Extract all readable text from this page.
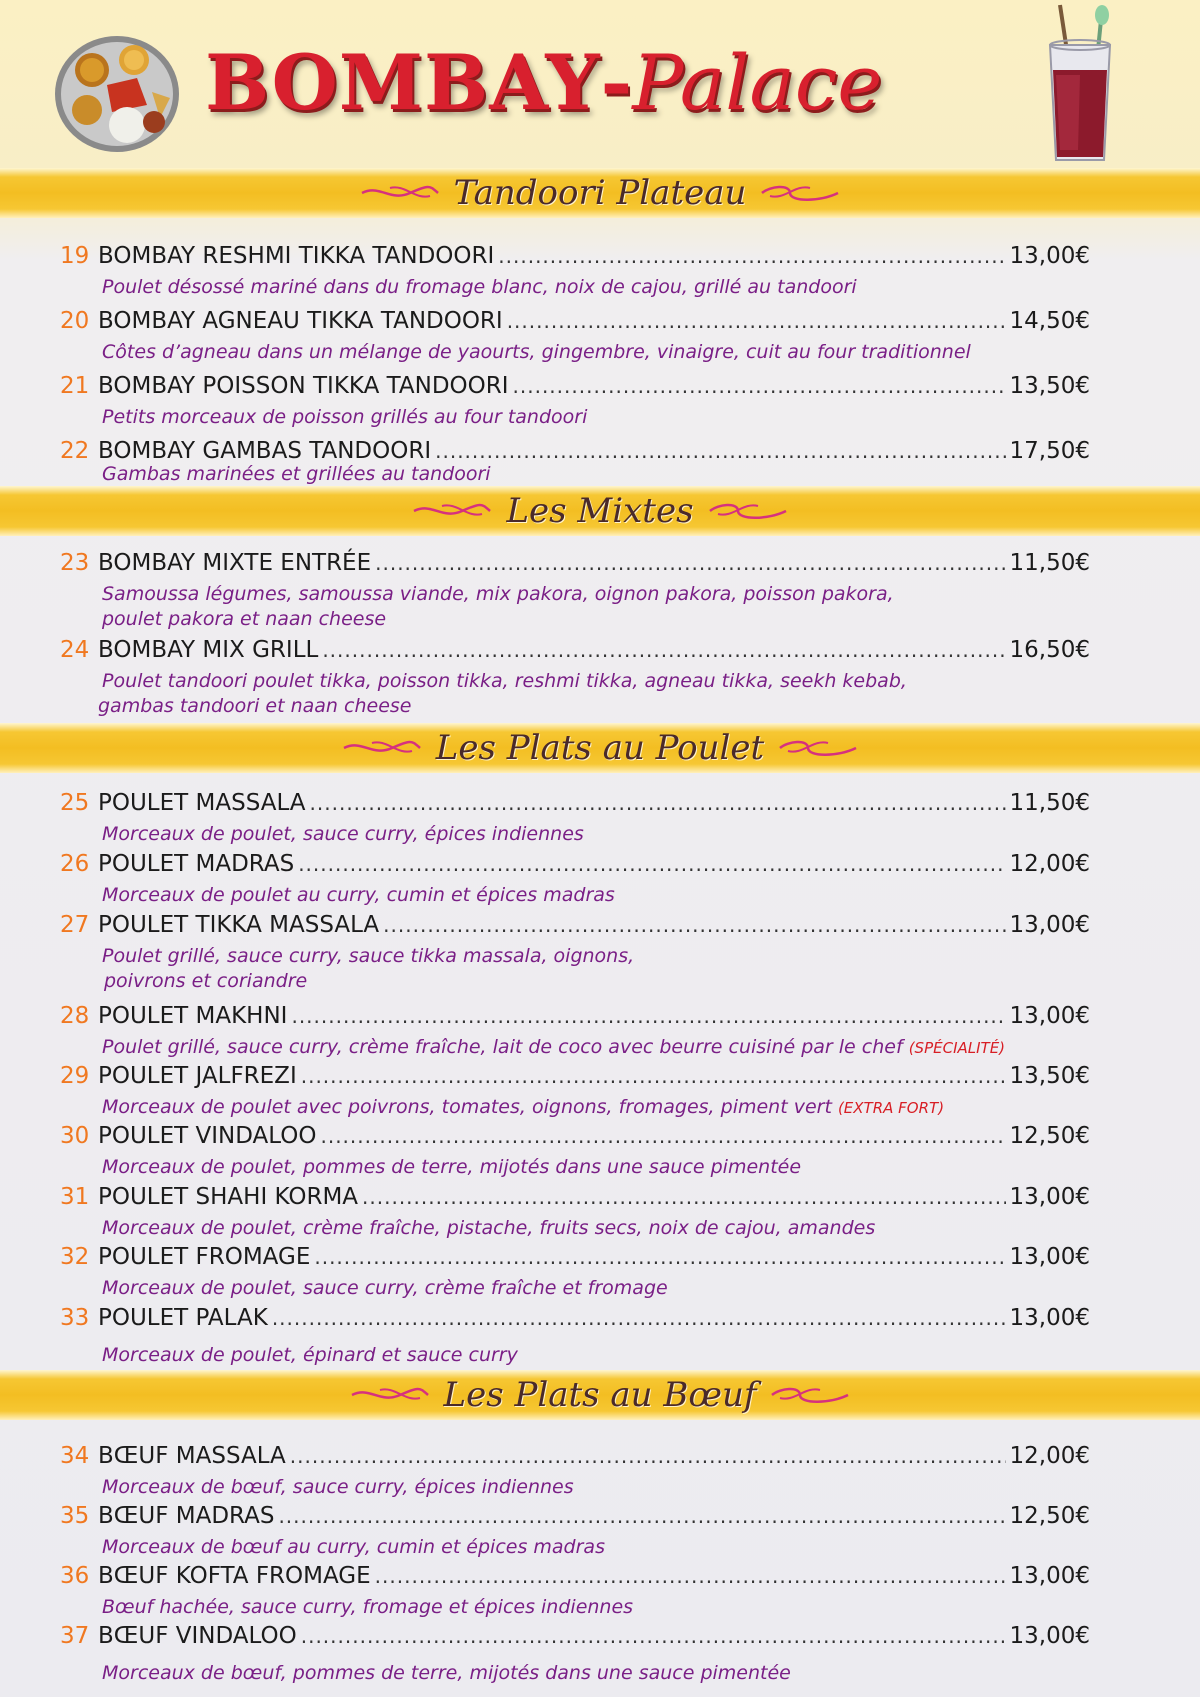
BOMBAY-Palace
Tandoori Plateau
Les Mixtes
Les Plats au Poulet
Les Plats au Bœuf
19 BOMBAY RESHMI TIKKA TANDOORI .....	13,00€
Poulet désossé mariné dans du fromage blanc, noix de cajou, grillé au tandoori
20 BOMBAY AGNEAU TIKKA TANDOORI .....	14,50€
Côtes d’agneau dans un mélange de yaourts, gingembre, vinaigre, cuit au four traditionnel
21 BOMBAY POISSON TIKKA TANDOORI .....	13,50€
Petits morceaux de poisson grillés au four tandoori
22 BOMBAY GAMBAS TANDOORI .....	17,50€
Gambas marinées et grillées au tandoori
23 BOMBAY MIXTE ENTRÉE .....	11,50€
Samoussa légumes, samoussa viande, mix pakora, oignon pakora, poisson pakora,
poulet pakora et naan cheese
24 BOMBAY MIX GRILL .....	16,50€
Poulet tandoori poulet tikka, poisson tikka, reshmi tikka, agneau tikka, seekh kebab,
gambas tandoori et naan cheese
25 POULET MASSALA .....	11,50€
Morceaux de poulet, sauce curry, épices indiennes
26 POULET MADRAS .....	12,00€
Morceaux de poulet au curry, cumin et épices madras
27 POULET TIKKA MASSALA .....	13,00€
Poulet grillé, sauce curry, sauce tikka massala, oignons,
poivrons et coriandre
28 POULET MAKHNI .....	13,00€
Poulet grillé, sauce curry, crème fraîche, lait de coco avec beurre cuisiné par le chef (SPÉCIALITÉ)
29 POULET JALFREZI .....	13,50€
Morceaux de poulet avec poivrons, tomates, oignons, fromages, piment vert (EXTRA FORT)
30 POULET VINDALOO .....	12,50€
Morceaux de poulet, pommes de terre, mijotés dans une sauce pimentée
31 POULET SHAHI KORMA .....	13,00€
Morceaux de poulet, crème fraîche, pistache, fruits secs, noix de cajou, amandes
32 POULET FROMAGE .....	13,00€
Morceaux de poulet, sauce curry, crème fraîche et fromage
33 POULET PALAK .....	13,00€
Morceaux de poulet, épinard et sauce curry
34 BŒUF MASSALA .....	12,00€
Morceaux de bœuf, sauce curry, épices indiennes
35 BŒUF MADRAS .....	12,50€
Morceaux de bœuf au curry, cumin et épices madras
36 BŒUF KOFTA FROMAGE .....	13,00€
Bœuf hachée, sauce curry, fromage et épices indiennes
37 BŒUF VINDALOO .....	13,00€
Morceaux de bœuf, pommes de terre, mijotés dans une sauce pimentée
